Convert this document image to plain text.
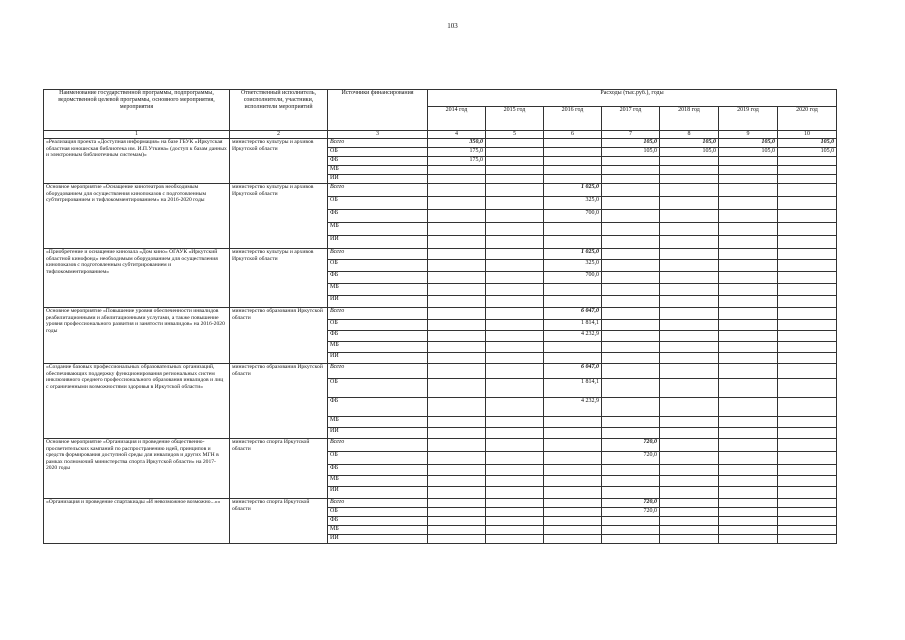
103
Наименование государственной программы, подпрограммы, ведомственной целевой программы, основного мероприятия, мероприятия	Ответственный исполнитель, соисполнители, участники, исполнители мероприятий	Источники финансирования	Расходы (тыс.руб.), годы						
			2014 год	2015 год	2016 год	2017 год	2018 год	2019 год	2020 год
1	2	3	4	5	6	7	8	9	10
«Реализация проекта «Доступная информация» на базе ГБУК «Иркутская областная юношеская библиотека им. И.П.Уткина» (доступ к базам данных и электронным библиотечным системам)»	министерство культуры и архивов Иркутской области	Всего	350,0			105,0	105,0	105,0	105,0
		ОБ	175,0			105,0	105,0	105,0	105,0
		ФБ	175,0						
		МБ							
		ИИ							
Основное мероприятие «Оснащение кинотеатров необходимым оборудованием для осуществления кинопоказов с подготовленным субтитрированием и тифлокомментированием» на 2016-2020 годы	министерство культуры и архивов Иркутской области	Всего			1 025,0				
		ОБ			325,0				
		ФБ			700,0				
		МБ							
		ИИ							
«Приобретение и оснащение кинозала «Дом кино» ОГАУК «Иркутский областной кинофонд» необходимым оборудованием для осуществления кинопоказов с подготовленным субтитрированием и тифлокомментированием»	министерство культуры и архивов Иркутской области	Всего			1 025,0				
		ОБ			325,0				
		ФБ			700,0				
		МБ							
		ИИ							
Основное мероприятие «Повышение уровня обеспеченности инвалидов реабилитационными и абилитационными услугами, а также повышение уровня профессионального развития и занятости инвалидов» на 2016-2020 годы	министерство образования Иркутской области	Всего			6 047,0				
		ОБ			1 814,1				
		ФБ			4 232,9				
		МБ							
		ИИ							
«Создание базовых профессиональных образовательных организаций, обеспечивающих поддержку функционирования региональных систем инклюзивного среднего профессионального образования инвалидов и лиц с ограниченными возможностями здоровья в Иркутской области»	министерство образования Иркутской области	Всего			6 047,0				
		ОБ			1 814,1				
		ФБ			4 232,9				
		МБ							
		ИИ							
Основное мероприятие «Организация и проведение общественно-просветительских кампаний по распространению идей, принципов и средств формирования доступной среды для инвалидов и других МГН в рамках полномочий министерства спорта Иркутской области» на 2017-2020 годы	министерство спорта Иркутской области	Всего				720,0			
		ОБ				720,0			
		ФБ							
		МБ							
		ИИ							
«Организация и проведение спартакиады «И невозможное возможно...»»	министерство спорта Иркутской области	Всего				720,0			
		ОБ				720,0			
		ФБ							
		МБ							
		ИИ							
